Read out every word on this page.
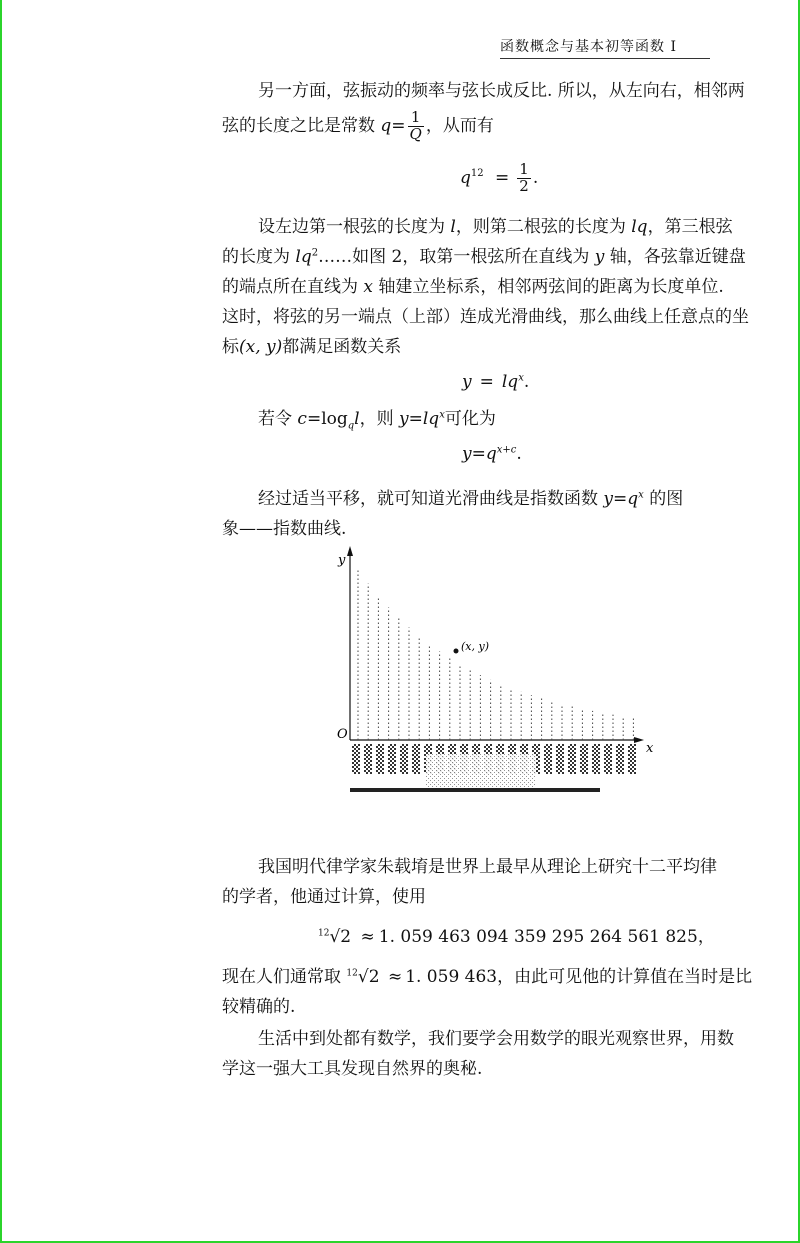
函数概念与基本初等函数 I
另一方面，弦振动的频率与弦长成反比. 所以，从左向右，相邻两
弦的长度之比是常数 $q= \frac{1}{Q}$ ，从而有
$q^{12} = \frac{1}{2}$ .
设左边第一根弦的长度为 l，则第二根弦的长度为 lq，第三根弦
的长度为 $lq^2\dots\dots$如图 2，取第一根弦所在直线为 y 轴，各弦靠近键盘
的端点所在直线为 x 轴建立坐标系，相邻两弦间的距离为长度单位.
这时，将弦的另一端点（上部）连成光滑曲线，那么曲线上任意点的坐
标(x, y)都满足函数关系
$y = lq^x$.
若令 $c=\log_ql$，则 $y=lq^x$可化为
$y=q^{x+c}$.
经过适当平移，就可知道光滑曲线是指数函数 $y=q^x$ 的图
象——指数曲线.
y
x
O
(x, y)
我国明代律学家朱载堉是世界上最早从理论上研究十二平均律
的学者，他通过计算，使用
$^{12}$√2 ≈ 1. 059 463 094 359 295 264 561 825，
现在人们通常取 $^{12}$√2 ≈ 1. 059 463，由此可见他的计算值在当时是比
较精确的.
生活中到处都有数学，我们要学会用数学的眼光观察世界，用数
学这一强大工具发现自然界的奥秘.
